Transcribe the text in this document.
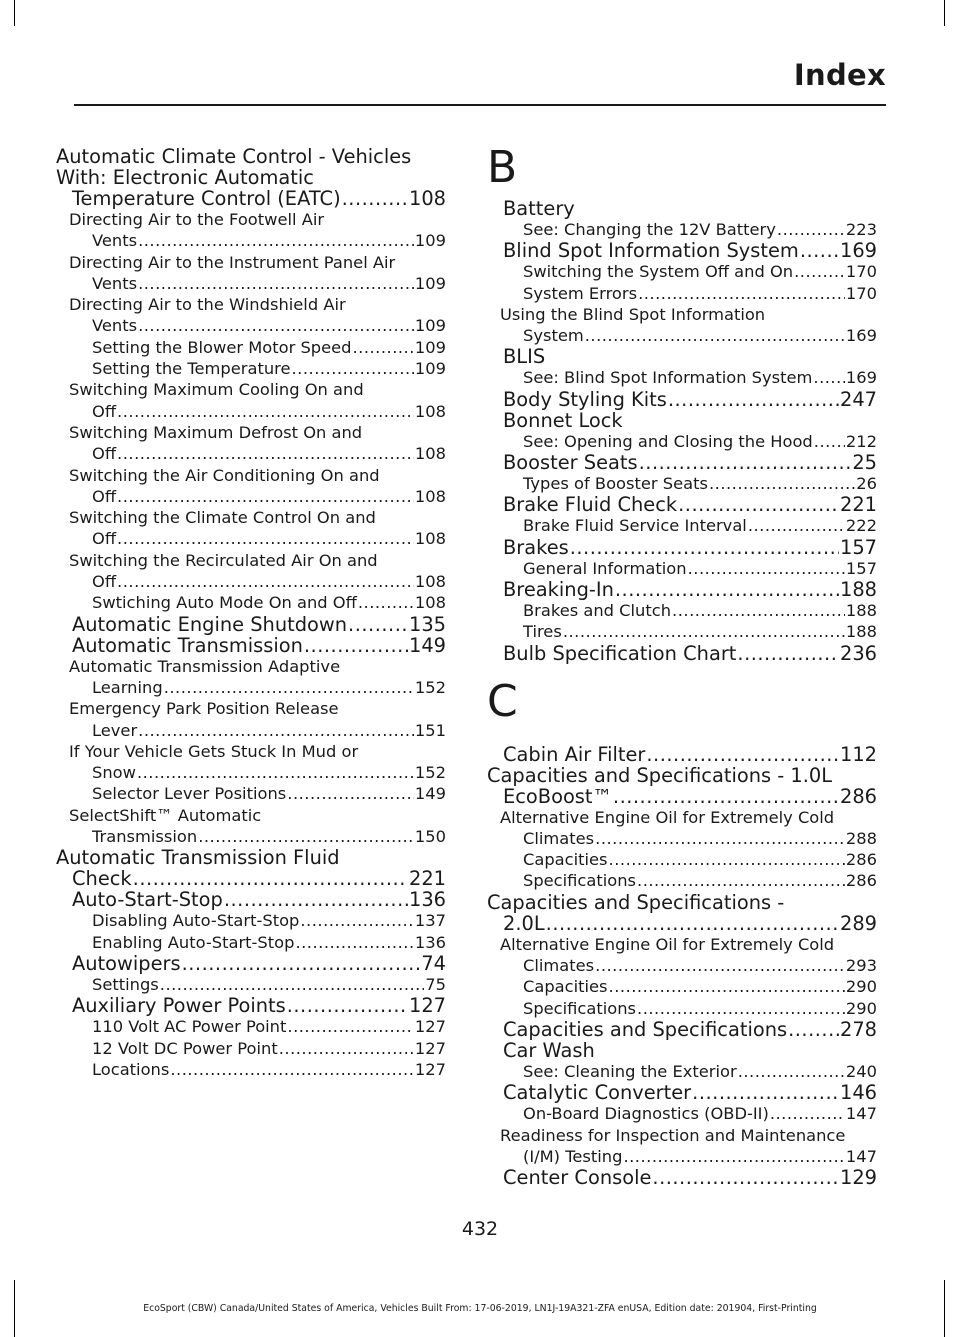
Index
Automatic Climate Control - Vehicles
With: Electronic Automatic
Temperature Control (EATC) .....	108
Directing Air to the Footwell Air
Vents .....	109
Directing Air to the Instrument Panel Air
Vents .....	109
Directing Air to the Windshield Air
Vents .....	109
Setting the Blower Motor Speed .....	109
Setting the Temperature .....	109
Switching Maximum Cooling On and
Off .....	108
Switching Maximum Defrost On and
Off .....	108
Switching the Air Conditioning On and
Off .....	108
Switching the Climate Control On and
Off .....	108
Switching the Recirculated Air On and
Off .....	108
Swtiching Auto Mode On and Off .....	108
Automatic Engine Shutdown .....	135
Automatic Transmission .....	149
Automatic Transmission Adaptive
Learning .....	152
Emergency Park Position Release
Lever .....	151
If Your Vehicle Gets Stuck In Mud or
Snow .....	152
Selector Lever Positions .....	149
SelectShift™ Automatic
Transmission .....	150
Automatic Transmission Fluid
Check .....	221
Auto-Start-Stop .....	136
Disabling Auto-Start-Stop .....	137
Enabling Auto-Start-Stop .....	136
Autowipers .....	74
Settings .....	75
Auxiliary Power Points .....	127
110 Volt AC Power Point .....	127
12 Volt DC Power Point .....	127
Locations .....	127
B
Battery
See: Changing the 12V Battery .....	223
Blind Spot Information System ..... 169
Switching the System Off and On .....	170
System Errors .....	170
Using the Blind Spot Information
System .....	169
BLIS
See: Blind Spot Information System ..... 169
Body Styling Kits .....	247
Bonnet Lock
See: Opening and Closing the Hood ..... 212
Booster Seats .....	25
Types of Booster Seats .....	26
Brake Fluid Check .....	221
Brake Fluid Service Interval .....	222
Brakes .....	157
General Information .....	157
Breaking-In .....	188
Brakes and Clutch .....	188
Tires .....	188
Bulb Specification Chart .....	236
C
Cabin Air Filter .....	112
Capacities and Specifications - 1.0L
EcoBoost™ .....	286
Alternative Engine Oil for Extremely Cold
Climates .....	288
Capacities .....	286
Specifications .....	286
Capacities and Specifications -
2.0L .....	289
Alternative Engine Oil for Extremely Cold
Climates .....	293
Capacities .....	290
Specifications .....	290
Capacities and Specifications .....	278
Car Wash
See: Cleaning the Exterior .....	240
Catalytic Converter .....	146
On-Board Diagnostics (OBD-II) .....	147
Readiness for Inspection and Maintenance
(I/M) Testing .....	147
Center Console .....	129
432
EcoSport (CBW) Canada/United States of America, Vehicles Built From: 17-06-2019, LN1J-19A321-ZFA enUSA, Edition date: 201904, First-Printing
